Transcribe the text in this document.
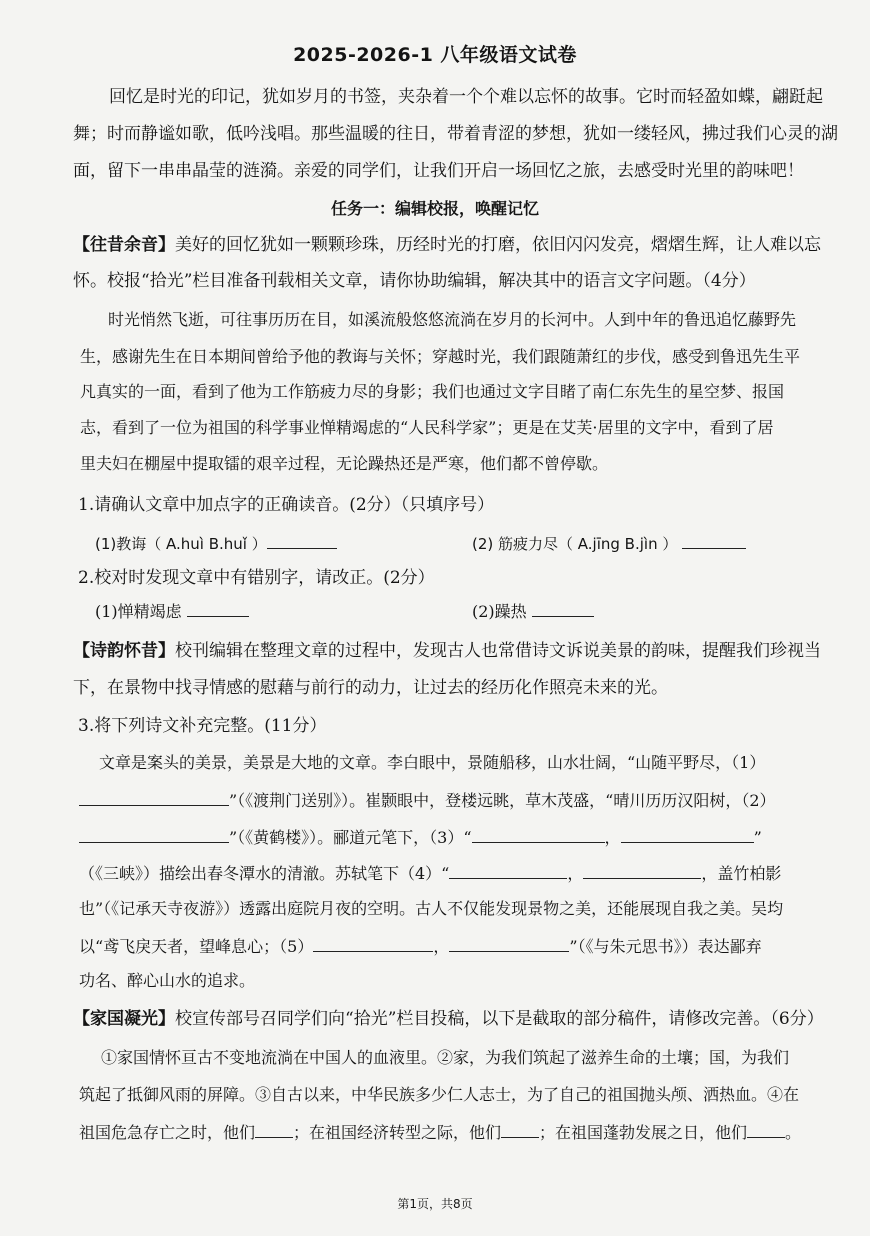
2025-2026-1 八年级语文试卷
回忆是时光的印记，犹如岁月的书签，夹杂着一个个难以忘怀的故事。它时而轻盈如蝶，翩跹起
舞；时而静谧如歌，低吟浅唱。那些温暖的往日，带着青涩的梦想，犹如一缕轻风，拂过我们心灵的湖
面，留下一串串晶莹的涟漪。亲爱的同学们，让我们开启一场回忆之旅，去感受时光里的韵味吧！
任务一：编辑校报，唤醒记忆
【往昔余音】美好的回忆犹如一颗颗珍珠，历经时光的打磨，依旧闪闪发亮，熠熠生辉，让人难以忘
怀。校报“拾光”栏目准备刊载相关文章，请你协助编辑，解决其中的语言文字问题。（4分）
时光悄然飞逝，可往事历历在目，如溪流般悠悠流淌在岁月的长河中。人到中年的鲁迅追忆藤野先
生，感谢先生在日本期间曾给予他的教诲与关怀；穿越时光，我们跟随萧红的步伐，感受到鲁迅先生平
凡真实的一面，看到了他为工作筋疲力尽的身影；我们也通过文字目睹了南仁东先生的星空梦、报国
志，看到了一位为祖国的科学事业惮精竭虑的“人民科学家”；更是在艾芙·居里的文字中，看到了居
里夫妇在棚屋中提取镭的艰辛过程，无论躁热还是严寒，他们都不曾停歇。
1.请确认文章中加点字的正确读音。(2分）（只填序号）
(1)教诲（ A.huì B.huǐ ）	(2) 筋疲力尽（ A.jīng B.jìn ）
2.校对时发现文章中有错别字，请改正。(2分）
(1)惮精竭虑	(2)躁热
【诗韵怀昔】校刊编辑在整理文章的过程中，发现古人也常借诗文诉说美景的韵味，提醒我们珍视当
下，在景物中找寻情感的慰藉与前行的动力，让过去的经历化作照亮未来的光。
3.将下列诗文补充完整。(11分）
文章是案头的美景，美景是大地的文章。李白眼中，景随船移，山水壮阔，“山随平野尽，（1）
”（《渡荆门送别》）。崔颢眼中，登楼远眺，草木茂盛，“晴川历历汉阳树，（2）
”（《黄鹤楼》）。郦道元笔下，（3）“	，	”
（《三峡》）描绘出春冬潭水的清澈。苏轼笔下（4）“	，	，盖竹柏影
也”（《记承天寺夜游》）透露出庭院月夜的空明。古人不仅能发现景物之美，还能展现自我之美。吴均
以“鸢飞戾天者，望峰息心；（5）	，	”（《与朱元思书》）表达鄙弃
功名、醉心山水的追求。
【家国凝光】校宣传部号召同学们向“拾光”栏目投稿，以下是截取的部分稿件，请修改完善。（6分）
①家国情怀亘古不变地流淌在中国人的血液里。②家，为我们筑起了滋养生命的土壤；国，为我们
筑起了抵御风雨的屏障。③自古以来，中华民族多少仁人志士，为了自己的祖国抛头颅、洒热血。④在
祖国危急存亡之时，他们 ；在祖国经济转型之际，他们 ；在祖国蓬勃发展之日，他们 。
第1页，共8页
